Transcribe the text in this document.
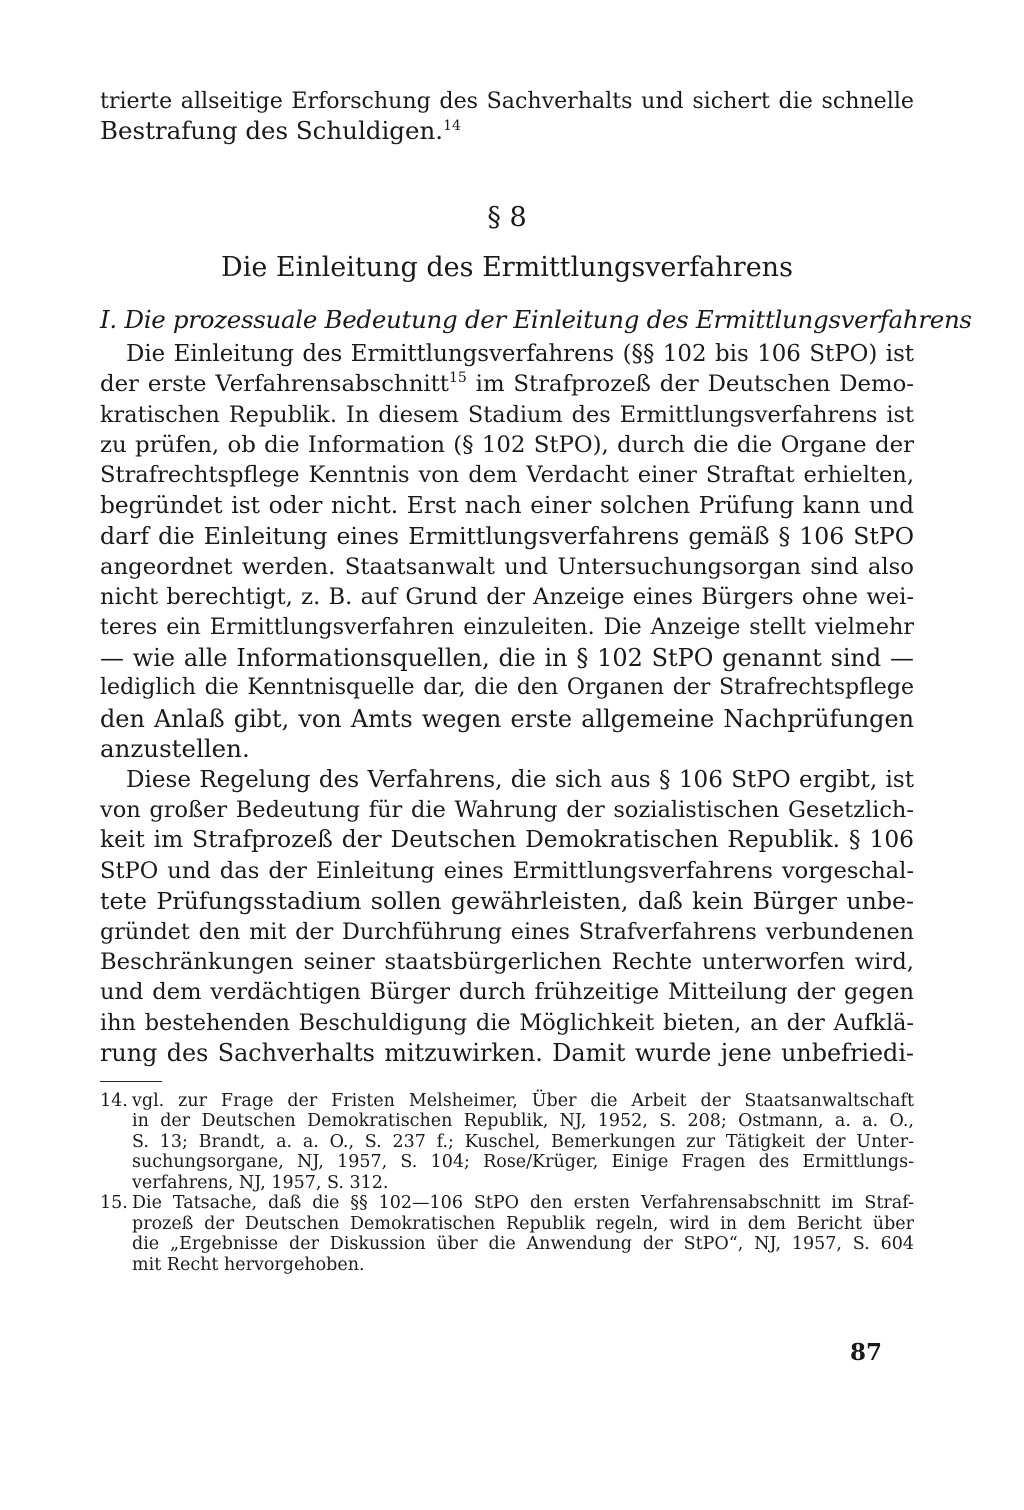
trierte allseitige Erforschung des Sachverhalts und sichert die schnelle
Bestrafung des Schuldigen.$^{14}$
§ 8
Die Einleitung des Ermittlungsverfahrens
I. Die prozessuale Bedeutung der Einleitung des Ermittlungsverfahrens
Die Einleitung des Ermittlungsverfahrens (§§ 102 bis 106 StPO) ist
der erste Verfahrensabschnitt$^{15}$ im Strafprozeß der Deutschen Demo-
kratischen Republik. In diesem Stadium des Ermittlungsverfahrens ist
zu prüfen, ob die Information (§ 102 StPO), durch die die Organe der
Strafrechtspflege Kenntnis von dem Verdacht einer Straftat erhielten,
begründet ist oder nicht. Erst nach einer solchen Prüfung kann und
darf die Einleitung eines Ermittlungsverfahrens gemäß § 106 StPO
angeordnet werden. Staatsanwalt und Untersuchungsorgan sind also
nicht berechtigt, z. B. auf Grund der Anzeige eines Bürgers ohne wei-
teres ein Ermittlungsverfahren einzuleiten. Die Anzeige stellt vielmehr
— wie alle Informationsquellen, die in § 102 StPO genannt sind —
lediglich die Kenntnisquelle dar, die den Organen der Strafrechtspflege
den Anlaß gibt, von Amts wegen erste allgemeine Nachprüfungen
anzustellen.
Diese Regelung des Verfahrens, die sich aus § 106 StPO ergibt, ist
von großer Bedeutung für die Wahrung der sozialistischen Gesetzlich-
keit im Strafprozeß der Deutschen Demokratischen Republik. § 106
StPO und das der Einleitung eines Ermittlungsverfahrens vorgeschal-
tete Prüfungsstadium sollen gewährleisten, daß kein Bürger unbe-
gründet den mit der Durchführung eines Strafverfahrens verbundenen
Beschränkungen seiner staatsbürgerlichen Rechte unterworfen wird,
und dem verdächtigen Bürger durch frühzeitige Mitteilung der gegen
ihn bestehenden Beschuldigung die Möglichkeit bieten, an der Aufklä-
rung des Sachverhalts mitzuwirken. Damit wurde jene unbefriedi-
14. vgl. zur Frage der Fristen Melsheimer, Über die Arbeit der Staatsanwaltschaft
in der Deutschen Demokratischen Republik, NJ, 1952, S. 208; Ostmann, a. a. O.,
S. 13; Brandt, a. a. O., S. 237 f.; Kuschel, Bemerkungen zur Tätigkeit der Unter-
suchungsorgane, NJ, 1957, S. 104; Rose/Krüger, Einige Fragen des Ermittlungs-
verfahrens, NJ, 1957, S. 312.
15. Die Tatsache, daß die §§ 102—106 StPO den ersten Verfahrensabschnitt im Straf-
prozeß der Deutschen Demokratischen Republik regeln, wird in dem Bericht über
die „Ergebnisse der Diskussion über die Anwendung der StPO“, NJ, 1957, S. 604
mit Recht hervorgehoben.
87
